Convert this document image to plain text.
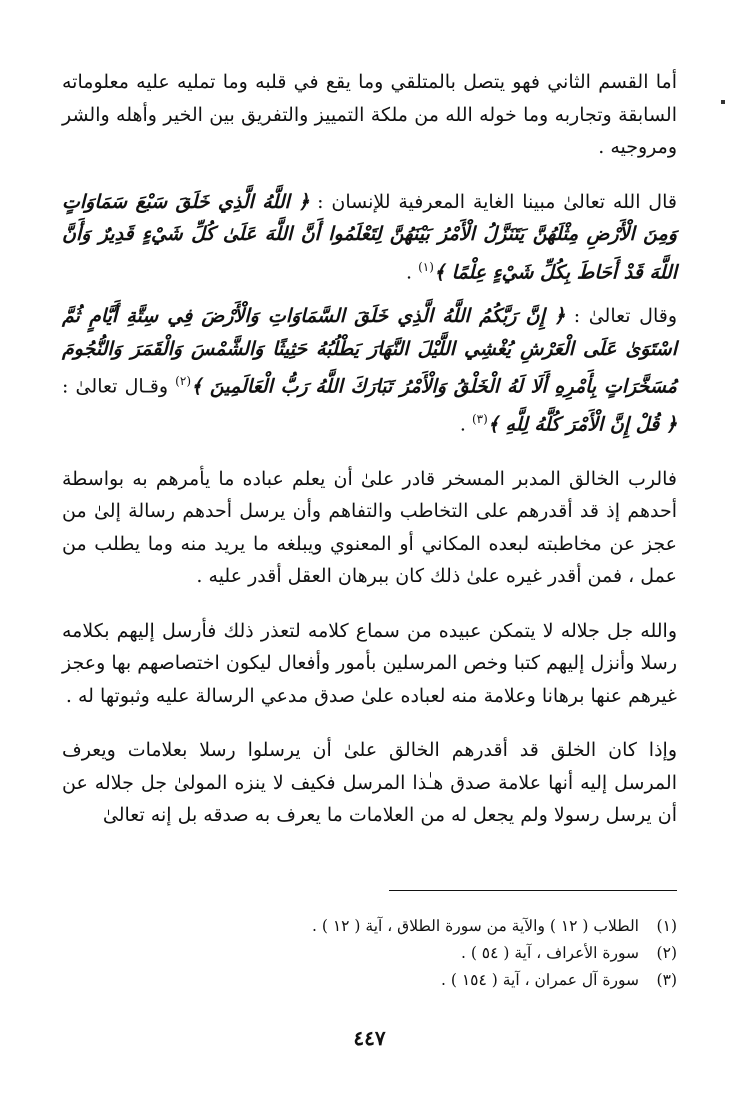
أما القسم الثاني فهو يتصل بالمتلقي وما يقع في قلبه وما تمليه عليه معلوماته السابقة وتجاربه وما خوله الله من ملكة التمييز والتفريق بين الخير وأهله والشر ومروجيه .

قال الله تعالىٰ مبينا الغاية المعرفية للإنسان : ﴿ اللَّهُ الَّذِي خَلَقَ سَبْعَ سَمَاوَاتٍ وَمِنَ الْأَرْضِ مِثْلَهُنَّ يَتَنَزَّلُ الْأَمْرُ بَيْنَهُنَّ لِتَعْلَمُوا أَنَّ اللَّهَ عَلَىٰ كُلِّ شَيْءٍ قَدِيرٌ وَأَنَّ اللَّهَ قَدْ أَحَاطَ بِكُلِّ شَيْءٍ عِلْمًا ﴾$^{(١)}$ .

وقال تعالىٰ : ﴿ إِنَّ رَبَّكُمُ اللَّهُ الَّذِي خَلَقَ السَّمَاوَاتِ وَالْأَرْضَ فِي سِتَّةِ أَيَّامٍ ثُمَّ اسْتَوَىٰ عَلَى الْعَرْشِ يُغْشِي اللَّيْلَ النَّهَارَ يَطْلُبُهُ حَثِيثًا وَالشَّمْسَ وَالْقَمَرَ وَالنُّجُومَ مُسَخَّرَاتٍ بِأَمْرِهِ أَلَا لَهُ الْخَلْقُ وَالْأَمْرُ تَبَارَكَ اللَّهُ رَبُّ الْعَالَمِينَ ﴾$^{(٢)}$ وقـال تعالىٰ : ﴿ قُلْ إِنَّ الْأَمْرَ كُلَّهُ لِلَّهِ ﴾$^{(٣)}$ .

فالرب الخالق المدبر المسخر قادر علىٰ أن يعلم عباده ما يأمرهم به بواسطة أحدهم إذ قد أقدرهم على التخاطب والتفاهم وأن يرسل أحدهم رسالة إلىٰ من عجز عن مخاطبته لبعده المكاني أو المعنوي ويبلغه ما يريد منه وما يطلب من عمل ، فمن أقدر غيره علىٰ ذلك كان ببرهان العقل أقدر عليه .

والله جل جلاله لا يتمكن عبيده من سماع كلامه لتعذر ذلك فأرسل إليهم بكلامه رسلا وأنزل إليهم كتبا وخص المرسلين بأمور وأفعال ليكون اختصاصهم بها وعجز غيرهم عنها برهانا وعلامة منه لعباده علىٰ صدق مدعي الرسالة عليه وثبوتها له .

وإذا كان الخلق قد أقدرهم الخالق علىٰ أن يرسلوا رسلا بعلامات ويعرف المرسل إليه أنها علامة صدق هـٰذا المرسل فكيف لا ينزه المولىٰ جل جلاله عن أن يرسل رسولا ولم يجعل له من العلامات ما يعرف به صدقه بل إنه تعالىٰ

(١)
الطلاب ( ١٢ ) والآية من سورة الطلاق ، آية ( ١٢ ) .
(٢)
سورة الأعراف ، آية ( ٥٤ ) .
(٣)
سورة آل عمران ، آية ( ١٥٤ ) .
٤٤٧
